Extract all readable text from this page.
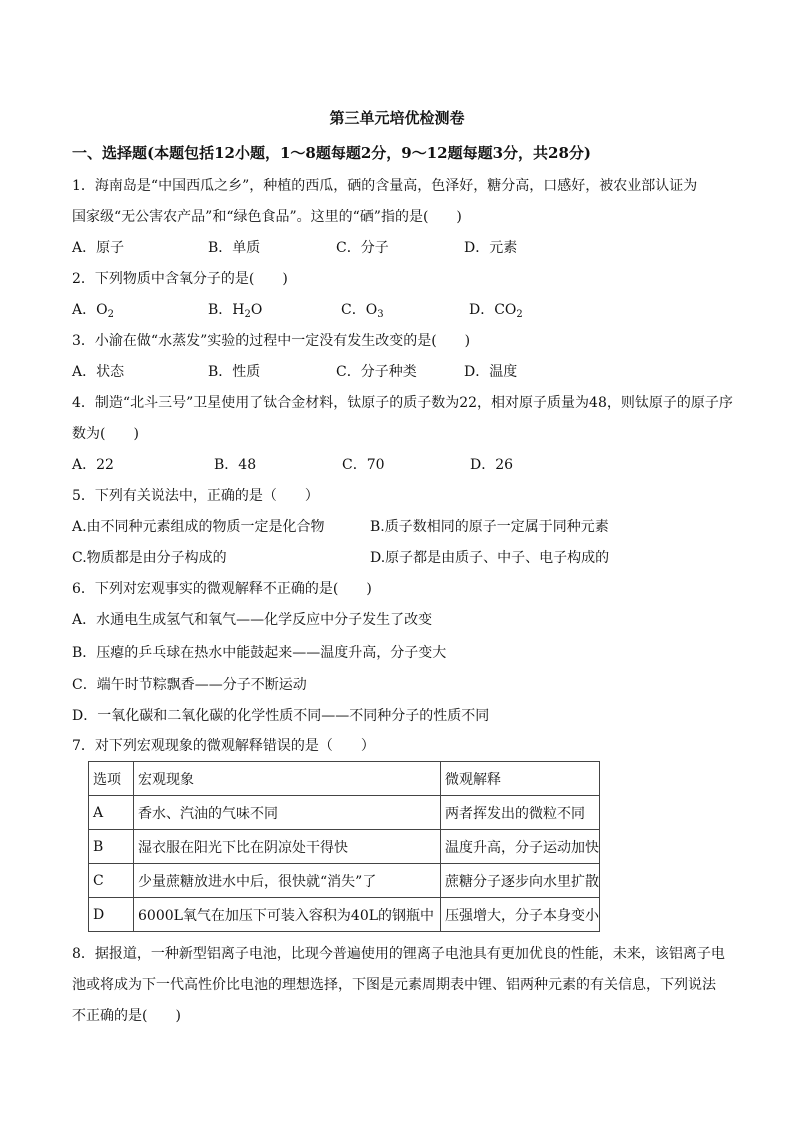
第三单元培优检测卷
一、选择题(本题包括12小题，1～8题每题2分，9～12题每题3分，共28分)
1．海南岛是“中国西瓜之乡”，种植的西瓜，硒的含量高，色泽好，糖分高，口感好，被农业部认证为
国家级“无公害农产品”和“绿色食品”。这里的“硒”指的是(　　)
A．原子	B．单质	C．分子	D．元素
2．下列物质中含氧分子的是(　　)
A．$O_2$	B．$H_2O$	C．$O_3$	D．$CO_2$
3．小渝在做“水蒸发”实验的过程中一定没有发生改变的是(　　)
A．状态	B．性质	C．分子种类	D．温度
4．制造“北斗三号”卫星使用了钛合金材料，钛原子的质子数为22，相对原子质量为48，则钛原子的原子序
数为(　　)
A．22	B．48	C．70	D．26
5．下列有关说法中，正确的是（　　）
A.由不同种元素组成的物质一定是化合物	B.质子数相同的原子一定属于同种元素
C.物质都是由分子构成的	D.原子都是由质子、中子、电子构成的
6．下列对宏观事实的微观解释不正确的是(　　)
A．水通电生成氢气和氧气——化学反应中分子发生了改变
B．压瘪的乒乓球在热水中能鼓起来——温度升高，分子变大
C．端午时节粽飘香——分子不断运动
D．一氧化碳和二氧化碳的化学性质不同——不同种分子的性质不同
7．对下列宏观现象的微观解释错误的是（　　）
选项	宏观现象	微观解释
A	香水、汽油的气味不同	两者挥发出的微粒不同
B	湿衣服在阳光下比在阴凉处干得快	温度升高，分子运动加快
C	少量蔗糖放进水中后，很快就“消失”了	蔗糖分子逐步向水里扩散
D	6000L氧气在加压下可装入容积为40L的钢瓶中	压强增大，分子本身变小
8．据报道，一种新型铝离子电池，比现今普遍使用的锂离子电池具有更加优良的性能，未来，该铝离子电
池或将成为下一代高性价比电池的理想选择，下图是元素周期表中锂、铝两种元素的有关信息，下列说法
不正确的是(　　)
